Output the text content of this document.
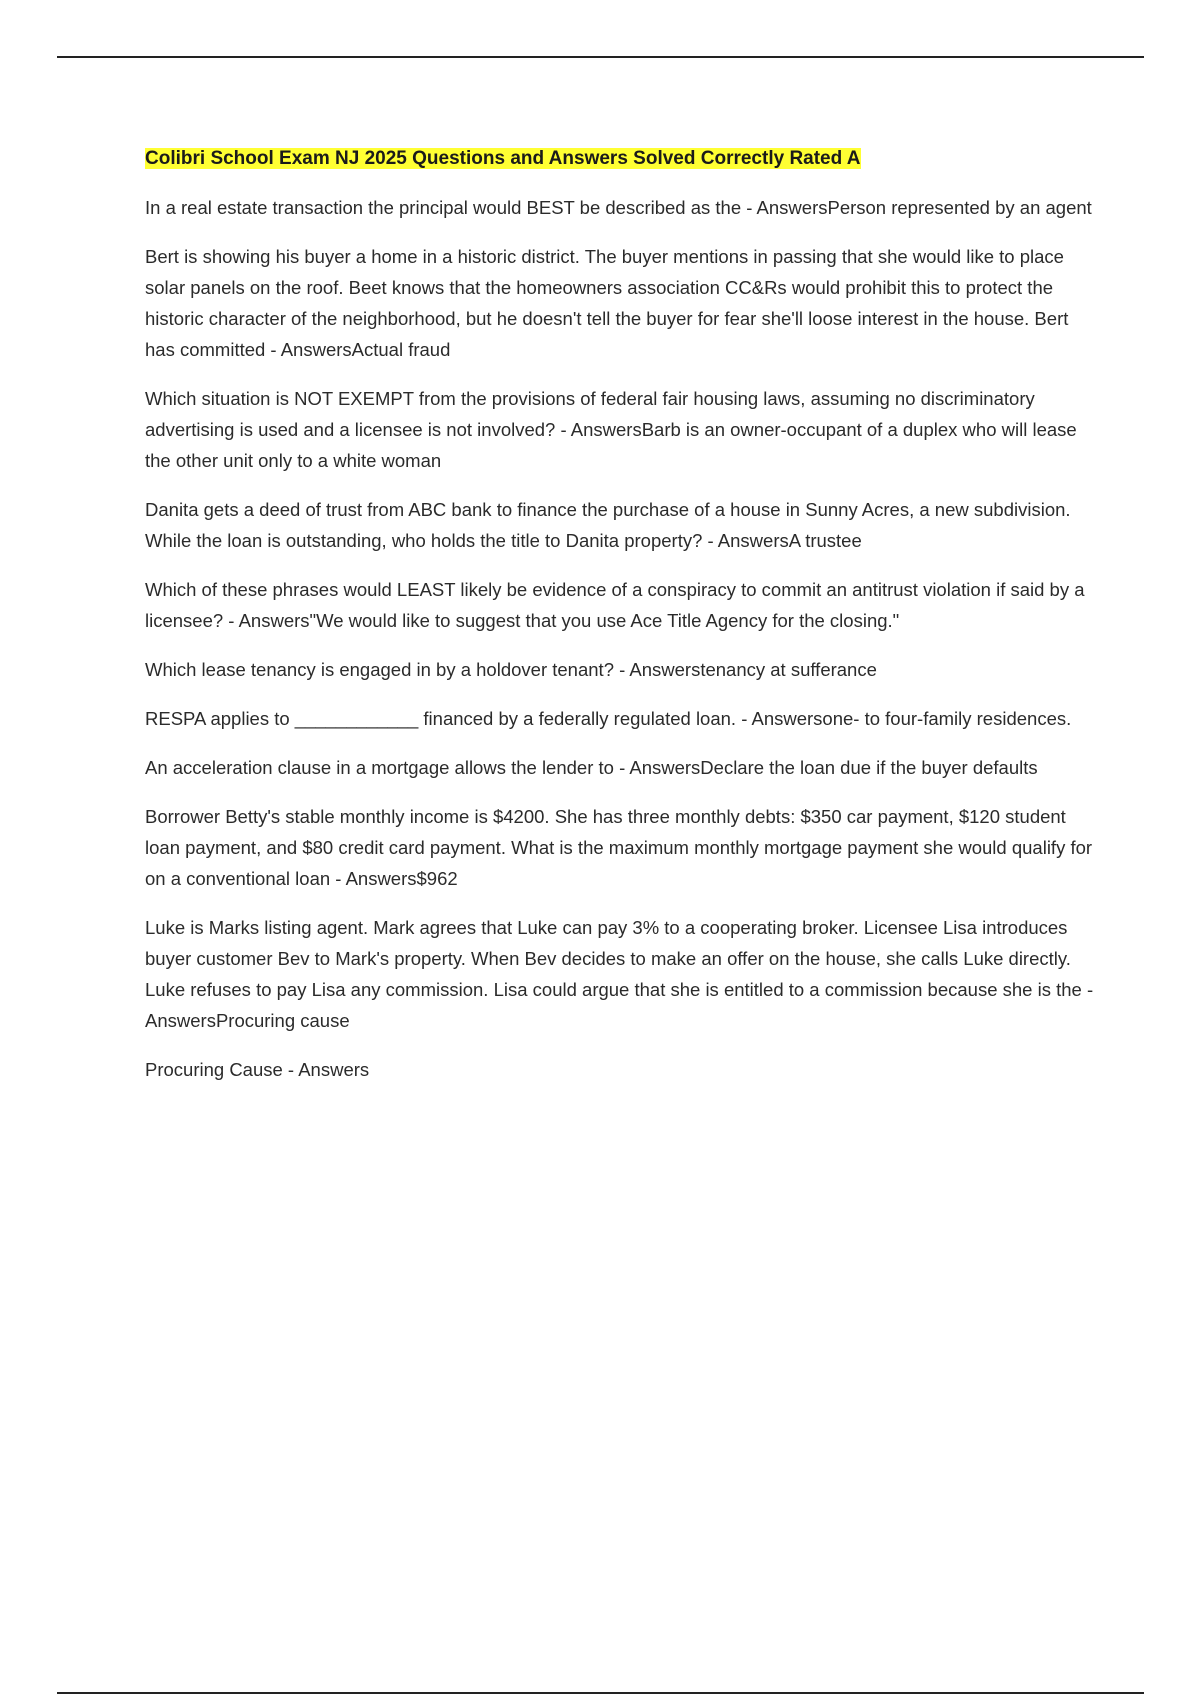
Colibri School Exam NJ 2025 Questions and Answers Solved Correctly Rated A

In a real estate transaction the principal would BEST be described as the - AnswersPerson represented by an agent

Bert is showing his buyer a home in a historic district. The buyer mentions in passing that she would like to place solar panels on the roof. Beet knows that the homeowners association CC&Rs would prohibit this to protect the historic character of the neighborhood, but he doesn't tell the buyer for fear she'll loose interest in the house. Bert has committed - AnswersActual fraud

Which situation is NOT EXEMPT from the provisions of federal fair housing laws, assuming no discriminatory advertising is used and a licensee is not involved? - AnswersBarb is an owner-occupant of a duplex who will lease the other unit only to a white woman

Danita gets a deed of trust from ABC bank to finance the purchase of a house in Sunny Acres, a new subdivision. While the loan is outstanding, who holds the title to Danita property? - AnswersA trustee

Which of these phrases would LEAST likely be evidence of a conspiracy to commit an antitrust violation if said by a licensee? - Answers"We would like to suggest that you use Ace Title Agency for the closing."

Which lease tenancy is engaged in by a holdover tenant? - Answerstenancy at sufferance

RESPA applies to ____________ financed by a federally regulated loan. - Answersone- to four-family residences.

An acceleration clause in a mortgage allows the lender to - AnswersDeclare the loan due if the buyer defaults

Borrower Betty's stable monthly income is $4200. She has three monthly debts: $350 car payment, $120 student loan payment, and $80 credit card payment. What is the maximum monthly mortgage payment she would qualify for on a conventional loan - Answers$962

Luke is Marks listing agent. Mark agrees that Luke can pay 3% to a cooperating broker. Licensee Lisa introduces buyer customer Bev to Mark's property. When Bev decides to make an offer on the house, she calls Luke directly. Luke refuses to pay Lisa any commission. Lisa could argue that she is entitled to a commission because she is the - AnswersProcuring cause

Procuring Cause - Answers
